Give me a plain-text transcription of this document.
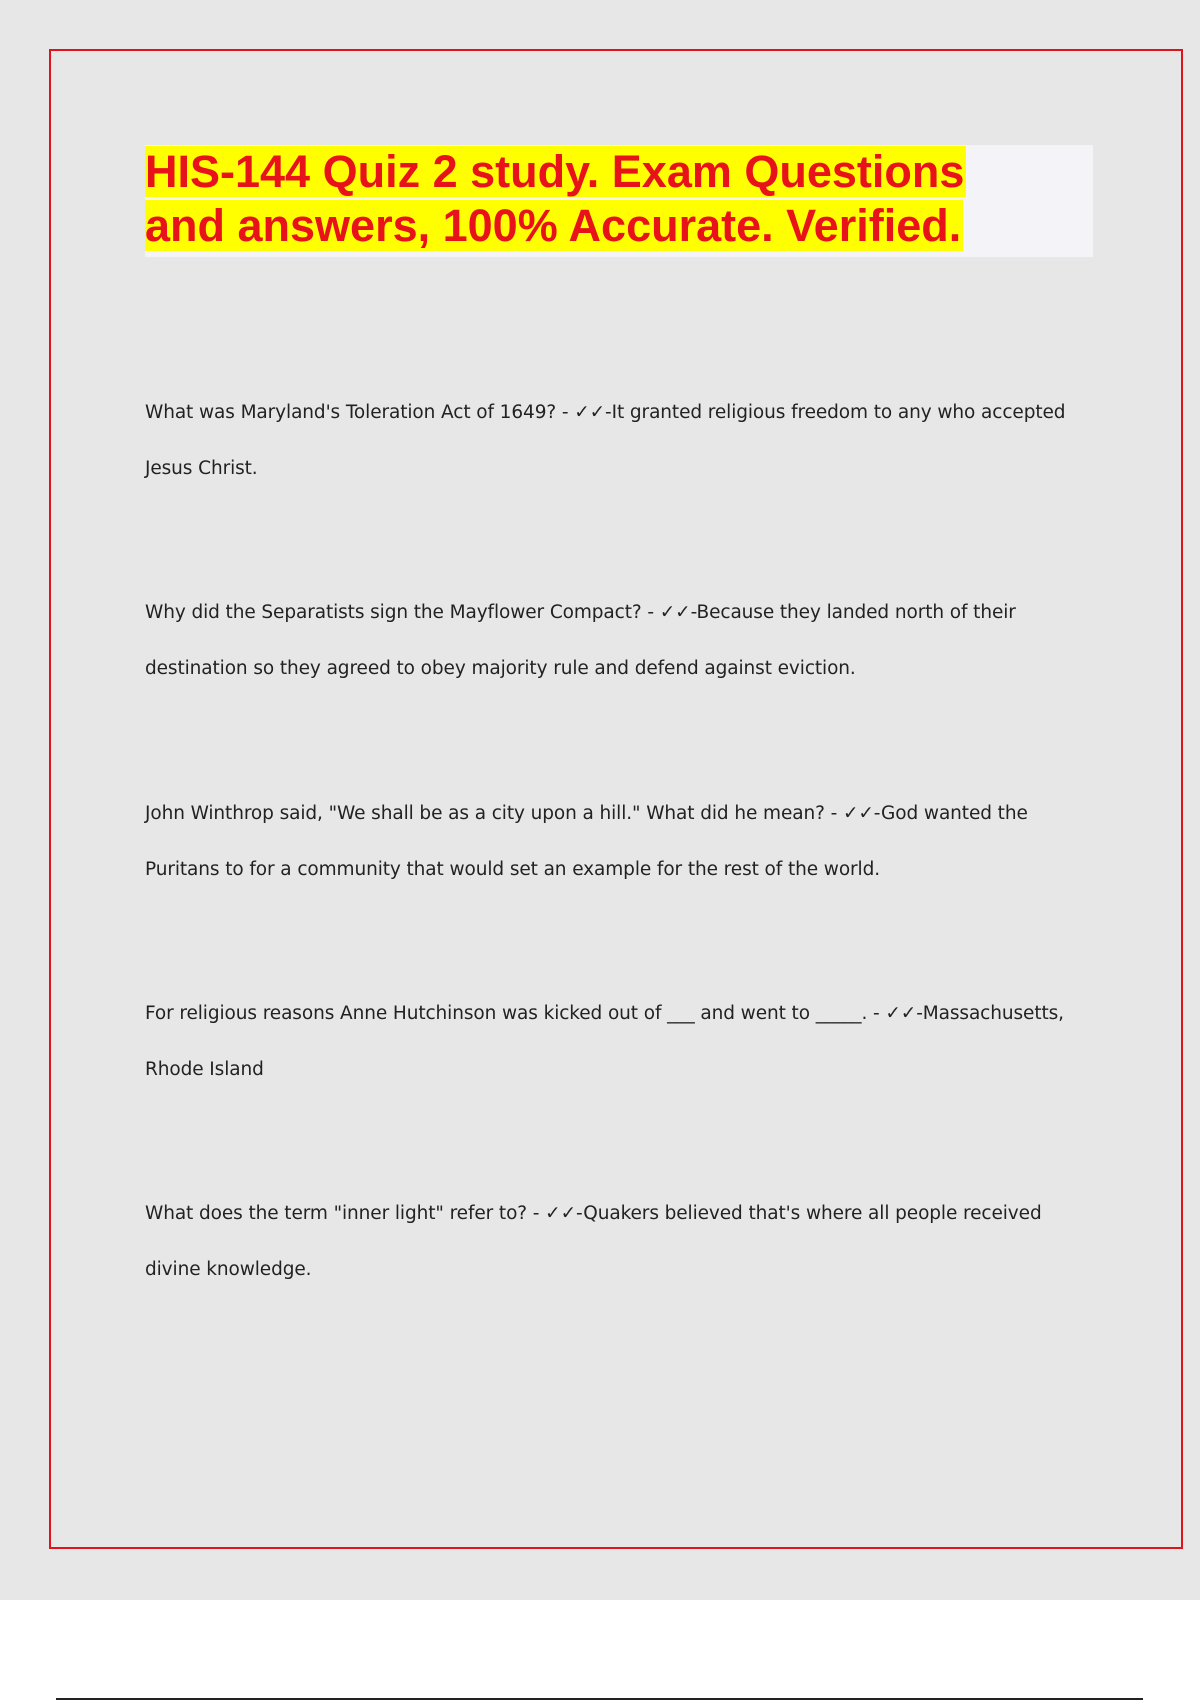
HIS-144 Quiz 2 study. Exam Questions and answers, 100% Accurate. Verified.

What was Maryland's Toleration Act of 1649? - ✓✓-It granted religious freedom to any who accepted Jesus Christ.

Why did the Separatists sign the Mayflower Compact? - ✓✓-Because they landed north of their destination so they agreed to obey majority rule and defend against eviction.

John Winthrop said, "We shall be as a city upon a hill." What did he mean? - ✓✓-God wanted the Puritans to for a community that would set an example for the rest of the world.

For religious reasons Anne Hutchinson was kicked out of ___ and went to _____. - ✓✓-Massachusetts, Rhode Island

What does the term "inner light" refer to? - ✓✓-Quakers believed that's where all people received divine knowledge.
